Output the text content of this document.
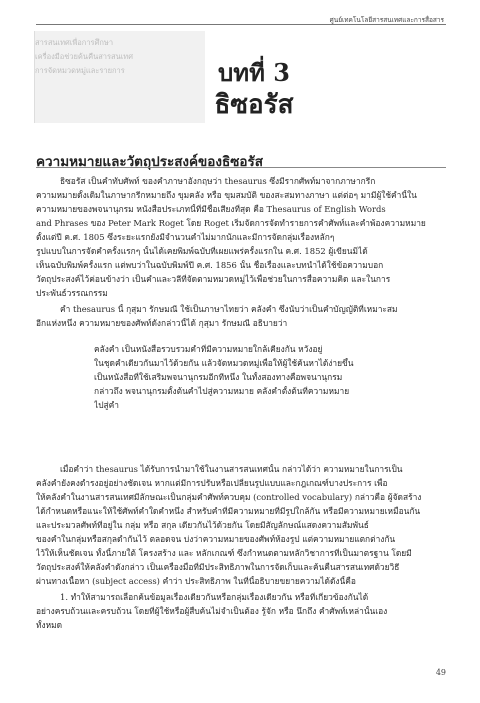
ศูนย์เทคโนโลยีสารสนเทศและการสื่อสาร
สารสนเทศเพื่อการศึกษา
เครื่องมือช่วยค้นคืนสารสนเทศ
การจัดหมวดหมู่และรายการ	บทที่ 3
ธิซอรัส
ความหมายและวัตถุประสงค์ของธิซอรัส
ธิซอรัส เป็นคำทับศัพท์ ของคำภาษาอังกฤษว่า thesaurus ซึ่งมีรากศัพท์มาจากภาษากรีก
ความหมายดั้งเดิมในภาษากรีกหมายถึง ขุมคลัง หรือ ขุมสมบัติ ของสะสมทางภาษา แต่ต่อๆ มามีผู้ใช้คำนี้ใน
ความหมายของพจนานุกรม หนังสือประเภทนี้ที่มีชื่อเสียงที่สุด คือ Thesaurus of English Words
and Phrases ของ Peter Mark Roget โดย Roget เริ่มจัดการจัดทำรายการคำศัพท์และคำพ้องความหมาย
ตั้งแต่ปี ค.ศ. 1805 ซึ่งระยะแรกยังมีจำนวนคำไม่มากนักและมีการจัดกลุ่มเรื่องหลักๆ
รูปแบบในการจัดคำครั้งแรกๆ นั้นได้เคยพิมพ์ฉบับที่เผยแพร่ครั้งแรกใน ค.ศ. 1852 ผู้เขียนมิได้
เห็นฉบับพิมพ์ครั้งแรก แต่พบว่าในฉบับพิมพ์ปี ค.ศ. 1856 นั้น ชื่อเรื่องและบทนำได้ใช้ข้อความบอก
วัตถุประสงค์ไว้ค่อนข้างว่า เป็นคำและวลีที่จัดตามหมวดหมู่ไว้เพื่อช่วยในการสื่อความคิด และในการ
ประพันธ์วรรณกรรม
คำ thesaurus นี้ กุสุมา รักษมณี ใช้เป็นภาษาไทยว่า คลังคำ ซึ่งนับว่าเป็นคำบัญญัติที่เหมาะสม
อีกแห่งหนึ่ง ความหมายของศัพท์ดังกล่าวนี้ได้ กุสุมา รักษมณี อธิบายว่า
คลังคำ เป็นหนังสือรวบรวมคำที่มีความหมายใกล้เคียงกัน หวังอยู่
ในชุดคำเดียวกันมาไว้ด้วยกัน แล้วจัดหมวดหมู่เพื่อให้ผู้ใช้ค้นหาได้ง่ายขึ้น
เป็นหนังสือที่ใช้เสริมพจนานุกรมอีกทีหนึ่ง ในทั้งสองทางคือพจนานุกรม
กล่าวถึง พจนานุกรมตั้งต้นคำไปสู่ความหมาย คลังคำตั้งต้นที่ความหมาย
ไปสู่คำ
เมื่อคำว่า thesaurus ได้รับการนำมาใช้ในงานสารสนเทศนั้น กล่าวได้ว่า ความหมายในการเป็น
คลังคำยังคงดำรงอยู่อย่างชัดเจน หากแต่มีการปรับหรือเปลี่ยนรูปแบบและกฎเกณฑ์บางประการ เพื่อ
ให้คลังคำในงานสารสนเทศมีลักษณะเป็นกลุ่มคำศัพท์ควบคุม (controlled vocabulary) กล่าวคือ ผู้จัดสร้าง
ได้กำหนดหรือแนะให้ใช้ศัพท์คำใดคำหนึ่ง สำหรับคำที่มีความหมายที่มีรูปใกล้กัน หรือมีความหมายเหมือนกัน
และประมวลศัพท์ที่อยู่ใน กลุ่ม หรือ สกุล เดียวกันไว้ด้วยกัน โดยมีสัญลักษณ์แสดงความสัมพันธ์
ของคำในกลุ่มหรือสกุลดำกันไว้ ตลอดจน บ่งว่าความหมายของศัพท์ห้องรูป แต่ความหมายแตกต่างกัน
ไว้ให้เห็นชัดเจน ทั้งนี้ภายใต้ โครงสร้าง และ หลักเกณฑ์ ซึ่งกำหนดตามหลักวิชาการที่เป็นมาตรฐาน โดยมี
วัตถุประสงค์ให้คลังคำดังกล่าว เป็นเครื่องมือที่มีประสิทธิภาพในการจัดเก็บและค้นคืนสารสนเทศด้วยวิธี
ผ่านทางเนื้อหา (subject access) คำว่า ประสิทธิภาพ ในที่นี้อธิบายขยายความได้ดังนี้คือ
1. ทำให้สามารถเลือกค้นข้อมูลเรื่องเดียวกันหรือกลุ่มเรื่องเดียวกัน หรือที่เกี่ยวข้องกันได้
อย่างครบถ้วนและครบถ้วน โดยที่ผู้ใช้หรือผู้สืบค้นไม่จำเป็นต้อง รู้จัก หรือ นึกถึง คำศัพท์เหล่านั้นเอง
ทั้งหมด
49
